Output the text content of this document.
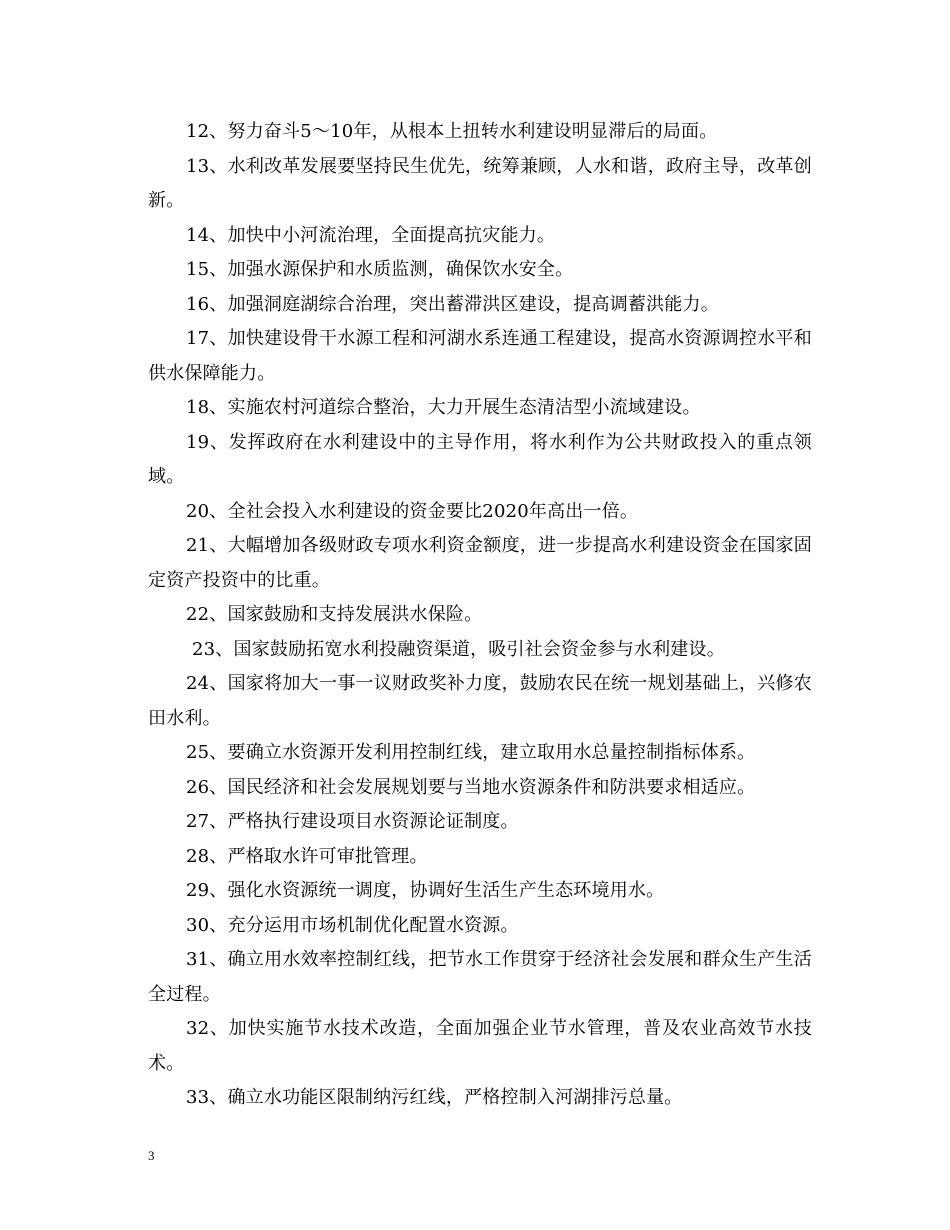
12、努力奋斗5～10年，从根本上扭转水利建设明显滞后的局面。

13、水利改革发展要坚持民生优先，统筹兼顾，人水和谐，政府主导，改革创新。

14、加快中小河流治理，全面提高抗灾能力。

15、加强水源保护和水质监测，确保饮水安全。

16、加强洞庭湖综合治理，突出蓄滞洪区建设，提高调蓄洪能力。

17、加快建设骨干水源工程和河湖水系连通工程建设，提高水资源调控水平和供水保障能力。

18、实施农村河道综合整治，大力开展生态清洁型小流域建设。

19、发挥政府在水利建设中的主导作用，将水利作为公共财政投入的重点领域。

20、全社会投入水利建设的资金要比2020年高出一倍。

21、大幅增加各级财政专项水利资金额度，进一步提高水利建设资金在国家固定资产投资中的比重。

22、国家鼓励和支持发展洪水保险。

23、国家鼓励拓宽水利投融资渠道，吸引社会资金参与水利建设。

24、国家将加大一事一议财政奖补力度，鼓励农民在统一规划基础上，兴修农田水利。

25、要确立水资源开发利用控制红线，建立取用水总量控制指标体系。

26、国民经济和社会发展规划要与当地水资源条件和防洪要求相适应。

27、严格执行建设项目水资源论证制度。

28、严格取水许可审批管理。

29、强化水资源统一调度，协调好生活生产生态环境用水。

30、充分运用市场机制优化配置水资源。

31、确立用水效率控制红线，把节水工作贯穿于经济社会发展和群众生产生活全过程。

32、加快实施节水技术改造，全面加强企业节水管理，普及农业高效节水技术。

33、确立水功能区限制纳污红线，严格控制入河湖排污总量。

3
